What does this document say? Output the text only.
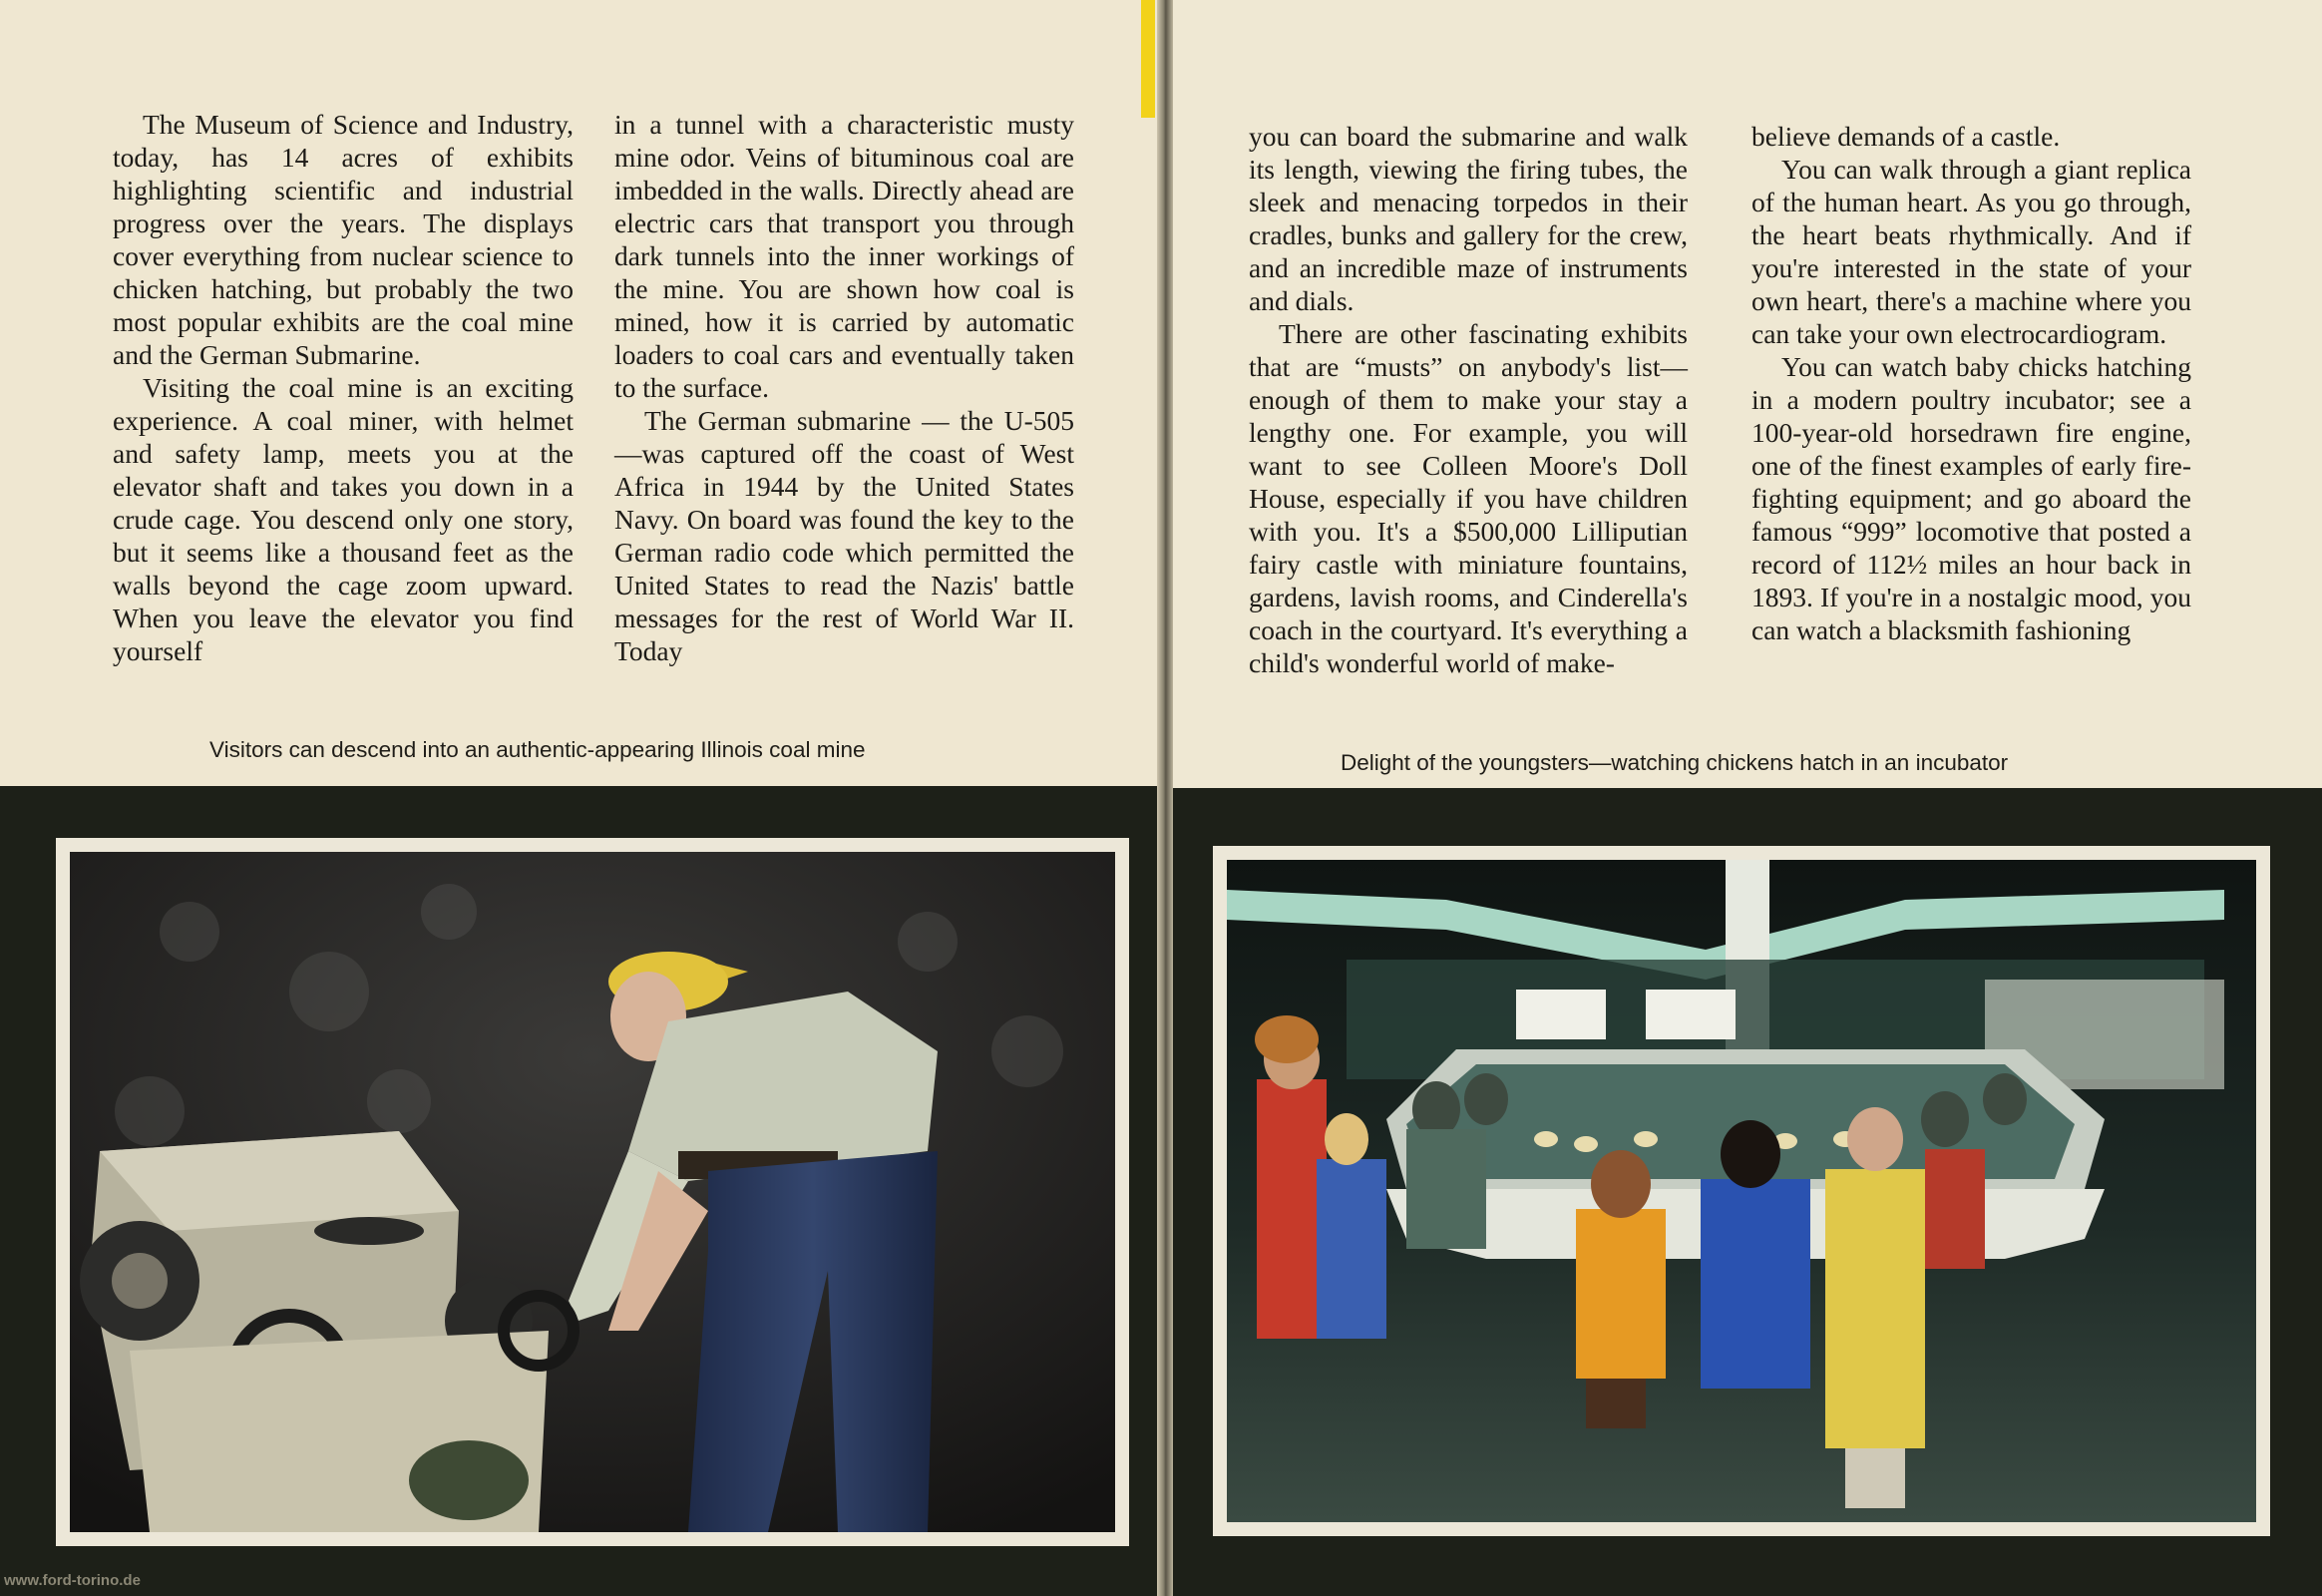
The Museum of Science and Industry, today, has 14 acres of exhibits highlighting scientific and industrial progress over the years. The displays cover everything from nuclear science to chicken hatching, but probably the two most popular exhibits are the coal mine and the German Submarine.

Visiting the coal mine is an exciting experience. A coal miner, with helmet and safety lamp, meets you at the elevator shaft and takes you down in a crude cage. You descend only one story, but it seems like a thousand feet as the walls beyond the cage zoom upward. When you leave the elevator you find yourself

in a tunnel with a characteristic musty mine odor. Veins of bituminous coal are imbedded in the walls. Directly ahead are electric cars that transport you through dark tunnels into the inner workings of the mine. You are shown how coal is mined, how it is carried by automatic loaders to coal cars and eventually taken to the surface.

The German submarine — the U-505—was captured off the coast of West Africa in 1944 by the United States Navy. On board was found the key to the German radio code which permitted the United States to read the Nazis' battle messages for the rest of World War II. Today

Visitors can descend into an authentic-appearing Illinois coal mine

you can board the submarine and walk its length, viewing the firing tubes, the sleek and menacing torpedos in their cradles, bunks and gallery for the crew, and an incredible maze of instruments and dials.

There are other fascinating exhibits that are “musts” on anybody's list—enough of them to make your stay a lengthy one. For example, you will want to see Colleen Moore's Doll House, especially if you have children with you. It's a $500,000 Lilliputian fairy castle with miniature fountains, gardens, lavish rooms, and Cinderella's coach in the courtyard. It's everything a child's wonderful world of make-

believe demands of a castle.

You can walk through a giant replica of the human heart. As you go through, the heart beats rhythmically. And if you're interested in the state of your own heart, there's a machine where you can take your own electrocardiogram.

You can watch baby chicks hatching in a modern poultry incubator; see a 100-year-old horsedrawn fire engine, one of the finest examples of early fire-fighting equipment; and go aboard the famous “999” locomotive that posted a record of 112½ miles an hour back in 1893. If you're in a nostalgic mood, you can watch a blacksmith fashioning

Delight of the youngsters—watching chickens hatch in an incubator
www.ford-torino.de
